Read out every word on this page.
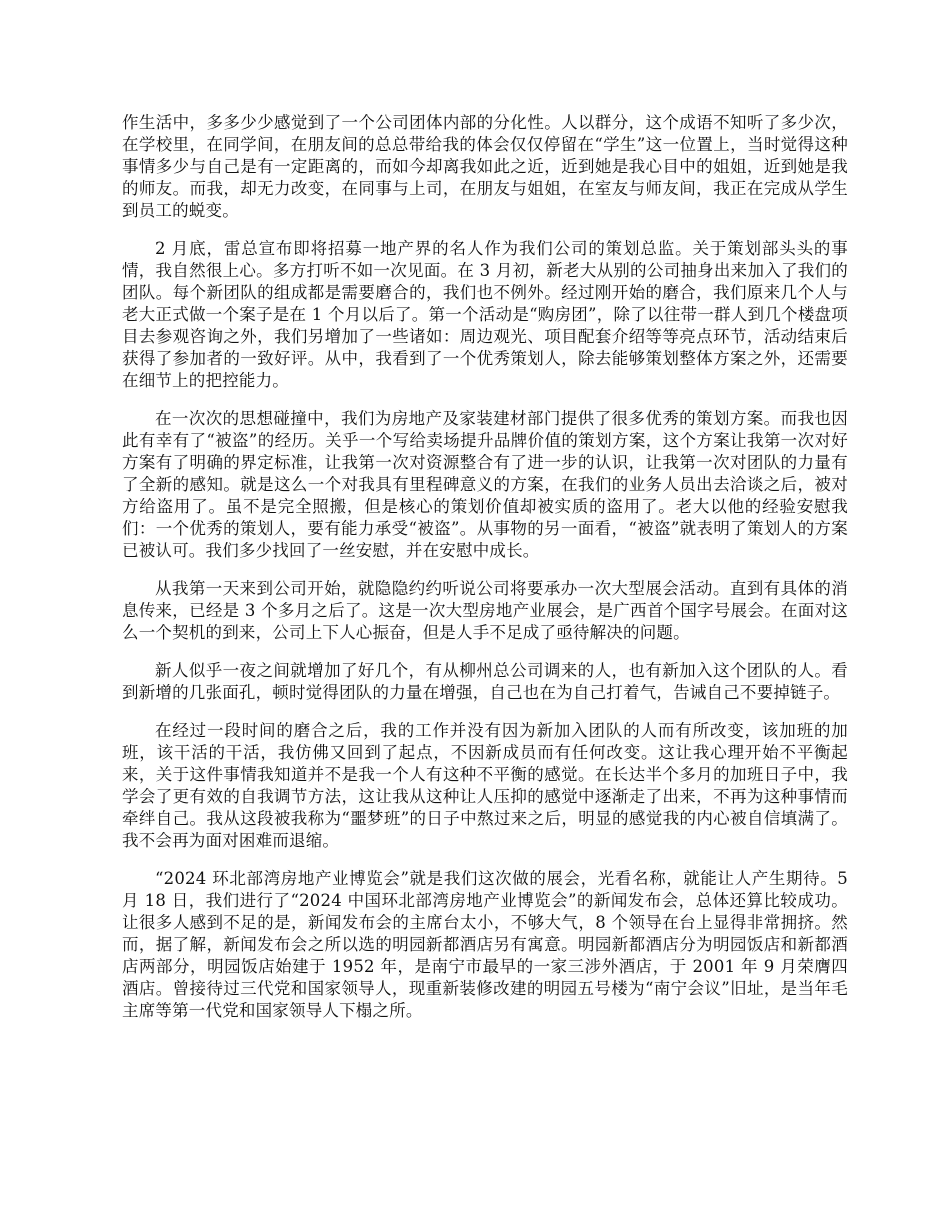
作生活中，多多少少感觉到了一个公司团体内部的分化性。人以群分，这个成语不知听了多少次，在学校里，在同学间，在朋友间的总总带给我的体会仅仅停留在“学生”这一位置上，当时觉得这种事情多少与自己是有一定距离的，而如今却离我如此之近，近到她是我心目中的姐姐，近到她是我的师友。而我，却无力改变，在同事与上司，在朋友与姐姐，在室友与师友间，我正在完成从学生到员工的蜕变。

2 月底，雷总宣布即将招募一地产界的名人作为我们公司的策划总监。关于策划部头头的事情，我自然很上心。多方打听不如一次见面。在 3 月初，新老大从别的公司抽身出来加入了我们的团队。每个新团队的组成都是需要磨合的，我们也不例外。经过刚开始的磨合，我们原来几个人与老大正式做一个案子是在 1 个月以后了。第一个活动是“购房团”，除了以往带一群人到几个楼盘项目去参观咨询之外，我们另增加了一些诸如：周边观光、项目配套介绍等等亮点环节，活动结束后获得了参加者的一致好评。从中，我看到了一个优秀策划人，除去能够策划整体方案之外，还需要在细节上的把控能力。

在一次次的思想碰撞中，我们为房地产及家装建材部门提供了很多优秀的策划方案。而我也因此有幸有了“被盗”的经历。关乎一个写给卖场提升品牌价值的策划方案，这个方案让我第一次对好方案有了明确的界定标准，让我第一次对资源整合有了进一步的认识，让我第一次对团队的力量有了全新的感知。就是这么一个对我具有里程碑意义的方案，在我们的业务人员出去洽谈之后，被对方给盗用了。虽不是完全照搬，但是核心的策划价值却被实质的盗用了。老大以他的经验安慰我们：一个优秀的策划人，要有能力承受“被盗”。从事物的另一面看，“被盗”就表明了策划人的方案已被认可。我们多少找回了一丝安慰，并在安慰中成长。

从我第一天来到公司开始，就隐隐约约听说公司将要承办一次大型展会活动。直到有具体的消息传来，已经是 3 个多月之后了。这是一次大型房地产业展会，是广西首个国字号展会。在面对这么一个契机的到来，公司上下人心振奋，但是人手不足成了亟待解决的问题。

新人似乎一夜之间就增加了好几个，有从柳州总公司调来的人，也有新加入这个团队的人。看到新增的几张面孔，顿时觉得团队的力量在增强，自己也在为自己打着气，告诫自己不要掉链子。

在经过一段时间的磨合之后，我的工作并没有因为新加入团队的人而有所改变，该加班的加班，该干活的干活，我仿佛又回到了起点，不因新成员而有任何改变。这让我心理开始不平衡起来，关于这件事情我知道并不是我一个人有这种不平衡的感觉。在长达半个多月的加班日子中，我学会了更有效的自我调节方法，这让我从这种让人压抑的感觉中逐渐走了出来，不再为这种事情而牵绊自己。我从这段被我称为“噩梦班”的日子中熬过来之后，明显的感觉我的内心被自信填满了。我不会再为面对困难而退缩。

“2024 环北部湾房地产业博览会”就是我们这次做的展会，光看名称，就能让人产生期待。5 月 18 日，我们进行了“2024 中国环北部湾房地产业博览会”的新闻发布会，总体还算比较成功。让很多人感到不足的是，新闻发布会的主席台太小，不够大气，8 个领导在台上显得非常拥挤。然而，据了解，新闻发布会之所以选的明园新都酒店另有寓意。明园新都酒店分为明园饭店和新都酒店两部分，明园饭店始建于 1952 年，是南宁市最早的一家三涉外酒店，于 2001 年 9 月荣膺四酒店。曾接待过三代党和国家领导人，现重新装修改建的明园五号楼为“南宁会议”旧址，是当年毛主席等第一代党和国家领导人下榻之所。
